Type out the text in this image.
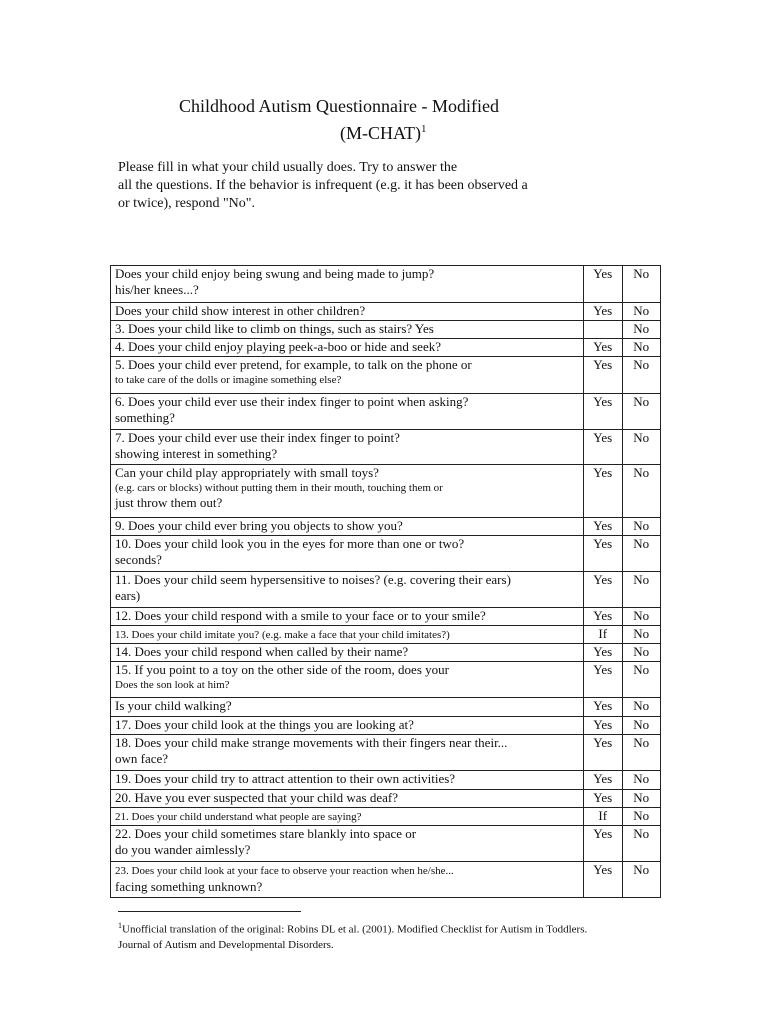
Childhood Autism Questionnaire - Modified
(M-CHAT)$^1$
Please fill in what your child usually does. Try to answer the
all the questions. If the behavior is infrequent (e.g. it has been observed a
or twice), respond "No".
Does your child enjoy being swung and being made to jump?
his/her knees...?	Yes	No
Does your child show interest in other children?	Yes	No
3. Does your child like to climb on things, such as stairs? Yes		No
4. Does your child enjoy playing peek-a-boo or hide and seek?	Yes	No
5. Does your child ever pretend, for example, to talk on the phone or
to take care of the dolls or imagine something else?	Yes	No
6. Does your child ever use their index finger to point when asking?
something?	Yes	No
7. Does your child ever use their index finger to point?
showing interest in something?	Yes	No
Can your child play appropriately with small toys?
(e.g. cars or blocks) without putting them in their mouth, touching them or
just throw them out?	Yes	No
9. Does your child ever bring you objects to show you?	Yes	No
10. Does your child look you in the eyes for more than one or two?
seconds?	Yes	No
11. Does your child seem hypersensitive to noises? (e.g. covering their ears)
ears)	Yes	No
12. Does your child respond with a smile to your face or to your smile?	Yes	No
13. Does your child imitate you? (e.g. make a face that your child imitates?)	If	No
14. Does your child respond when called by their name?	Yes	No
15. If you point to a toy on the other side of the room, does your
Does the son look at him?	Yes	No
Is your child walking?	Yes	No
17. Does your child look at the things you are looking at?	Yes	No
18. Does your child make strange movements with their fingers near their...
own face?	Yes	No
19. Does your child try to attract attention to their own activities?	Yes	No
20. Have you ever suspected that your child was deaf?	Yes	No
21. Does your child understand what people are saying?	If	No
22. Does your child sometimes stare blankly into space or
do you wander aimlessly?	Yes	No
23. Does your child look at your face to observe your reaction when he/she...
facing something unknown?	Yes	No
$^1$Unofficial translation of the original: Robins DL et al. (2001). Modified Checklist for Autism in Toddlers.
Journal of Autism and Developmental Disorders.
